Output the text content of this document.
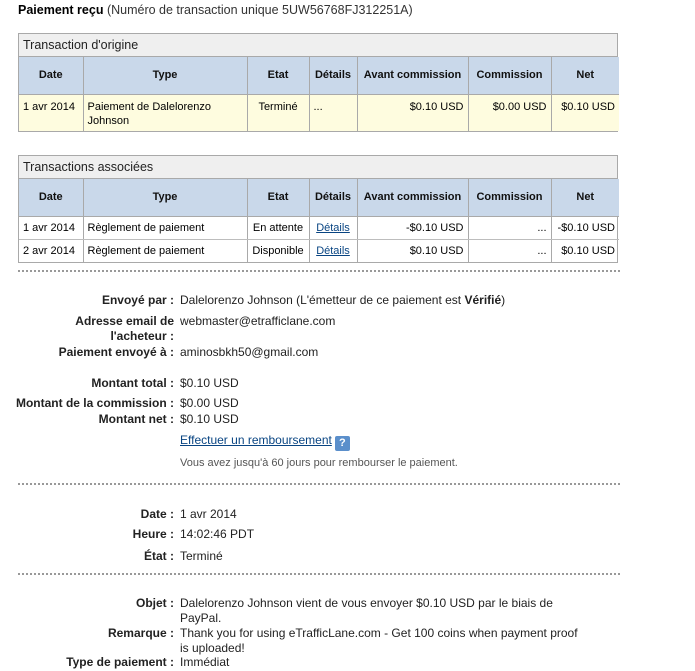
Paiement reçu (Numéro de transaction unique 5UW56768FJ312251A)
Transaction d'origine
Date	Type	Etat	Détails	Avant commission	Commission	Net
1 avr 2014	Paiement de Dalelorenzo Johnson	Terminé	...	$0.10 USD	$0.00 USD	$0.10 USD
Transactions associées
Date	Type	Etat	Détails	Avant commission	Commission	Net
1 avr 2014	Règlement de paiement	En attente	Détails	-$0.10 USD	...	-$0.10 USD
2 avr 2014	Règlement de paiement	Disponible	Détails	$0.10 USD	...	$0.10 USD
Envoyé par : Dalelorenzo Johnson (L'émetteur de ce paiement est Vérifié)
Adresse email de
l'acheteur :
webmaster@etrafficlane.com
Paiement envoyé à : aminosbkh50@gmail.com
Montant total : $0.10 USD
Montant de la commission : $0.00 USD
Montant net : $0.10 USD
Effectuer un remboursement ?
Vous avez jusqu'à 60 jours pour rembourser le paiement.
Date : 1 avr 2014
Heure : 14:02:46 PDT
État : Terminé
Objet : Dalelorenzo Johnson vient de vous envoyer $0.10 USD par le biais de
PayPal.
Remarque : Thank you for using eTrafficLane.com - Get 100 coins when payment proof
is uploaded!
Type de paiement : Immédiat
